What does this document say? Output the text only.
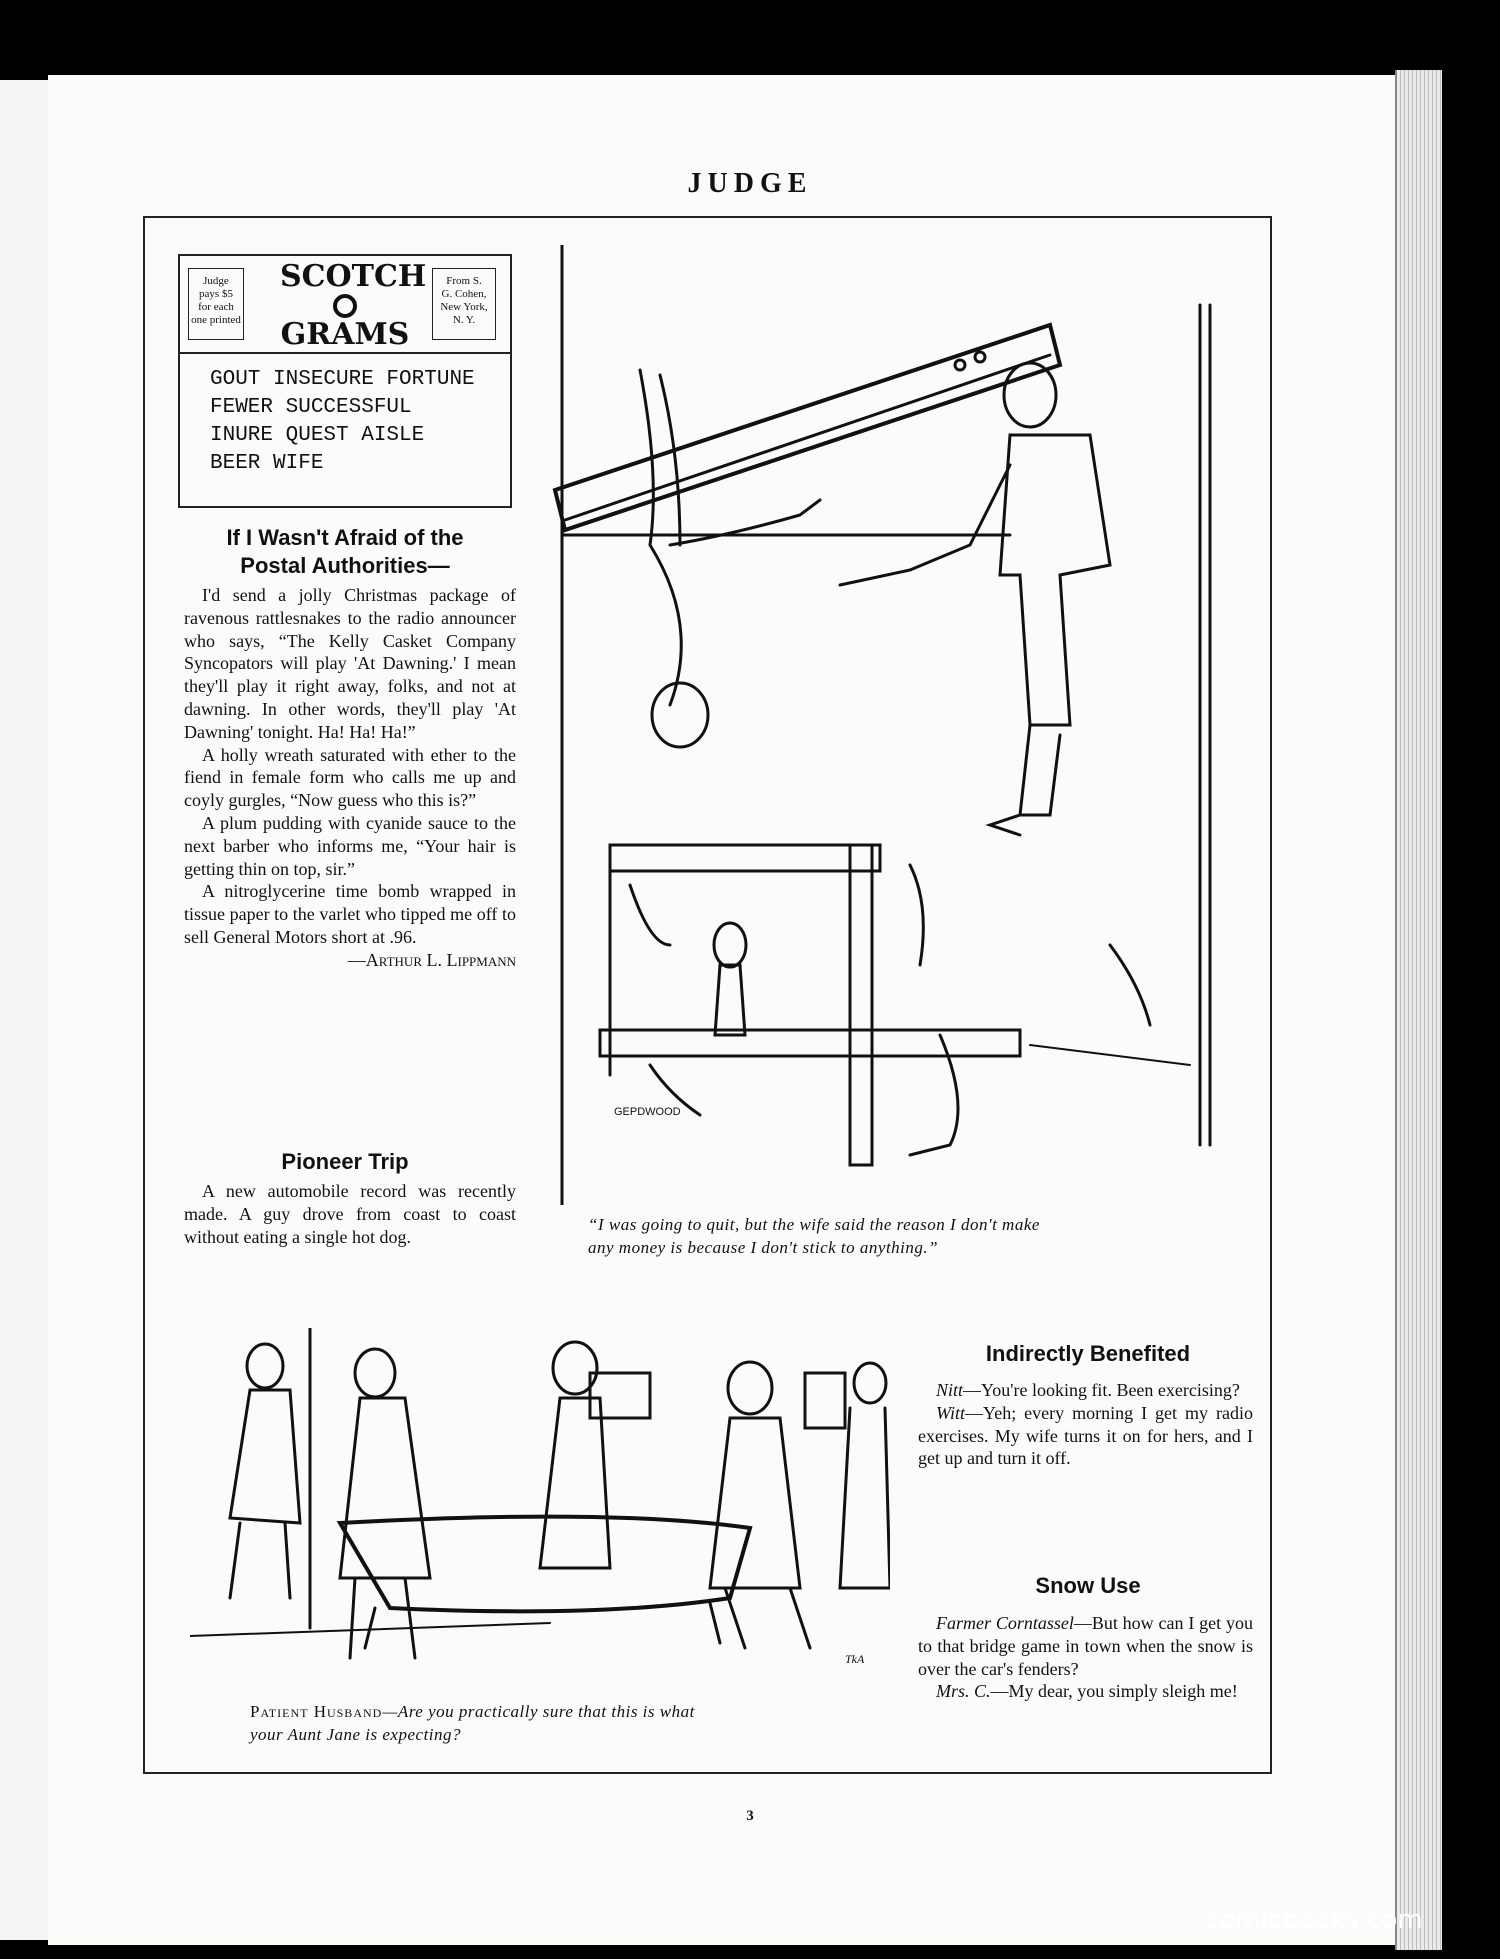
JUDGE
Judge
pays $5
for each
one printed
SCOTCH
GRAMS
From S.
G. Cohen,
New York,
N. Y.
GOUT INSECURE FORTUNE
FEWER SUCCESSFUL
INURE QUEST AISLE
BEER WIFE
If I Wasn't Afraid of the
Postal Authorities—

I'd send a jolly Christmas package of ravenous rattlesnakes to the radio announcer who says, “The Kelly Casket Company Syncopators will play 'At Dawning.' I mean they'll play it right away, folks, and not at dawning. In other words, they'll play 'At Dawning' tonight. Ha! Ha! Ha!”

A holly wreath saturated with ether to the fiend in female form who calls me up and coyly gurgles, “Now guess who this is?”

A plum pudding with cyanide sauce to the next barber who informs me, “Your hair is getting thin on top, sir.”

A nitroglycerine time bomb wrapped in tissue paper to the varlet who tipped me off to sell General Motors short at .96.

—Arthur L. Lippmann

Pioneer Trip

A new automobile record was recently made. A guy drove from coast to coast without eating a single hot dog.

GEPDWOOD
“I was going to quit, but the wife said the reason I don't make
any money is because I don't stick to anything.”
TkA
Patient Husband—Are you practically sure that this is what
your Aunt Jane is expecting?
Indirectly Benefited

Nitt—You're looking fit. Been exercising?

Witt—Yeh; every morning I get my radio exercises. My wife turns it on for hers, and I get up and turn it off.

Snow Use

Farmer Corntassel—But how can I get you to that bridge game in town when the snow is over the car's fenders?

Mrs. C.—My dear, you simply sleigh me!

3
comicbooks.com
